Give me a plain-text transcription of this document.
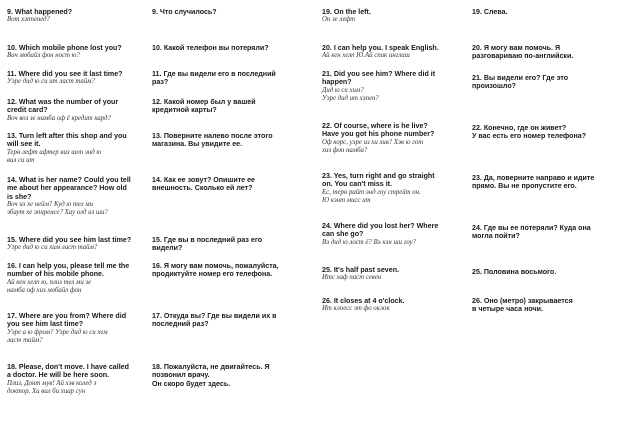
9. What happened?

Вот хэппенед?

10. Which mobile phone lost you?

Вич мобайл фон ност ю?

11. Where did you see it last time?

Уэре дид ю си ит ласт тайм?

12. What was the number of your
credit card?

Воч воз зе намба оф ё кредит кард?

13. Turn left after this shop and you
will see it.

Терн лефт афтер виз шоп энд ю
вил си ит

14. What is her name? Could you tell
me about her appearance? How old
is she?

Воч из хе нейм? Куд ю тел ми
эбаут хе эпиренсе? Хау олд из ши?

15. Where did you see him last time?

Уэре дид ю си хим ласт тайм?

16. I can help you, please tell me the
number of his mobile phone.

Ай кен хелп ю, плиз тел ми зе
намба оф хиз мобайл фон

17. Where are you from? Where did
you see him last time?

Уэре а ю фром? Уэре дид ю си хем
ласт тайм?

18. Please, don't move. I have called
a doctor. He will be here soon.

Плиз, Донт мув! Ай хэв колед э
доктор. Хи вил би хиар сун

9. Что случилось?

10. Какой телефон вы потеряли?

11. Где вы видели его в последний
раз?

12. Какой номер был у вашей
кредитной карты?

13. Поверните налево после этого
магазина. Вы увидите ее.

14. Как ее зовут? Опишите ее
внешность. Сколько ей лет?

15. Где вы в последний раз его
видели?

16. Я могу вам помочь, пожалуйста,
продиктуйте номер его телефона.

17. Откуда вы? Где вы видели их в
последний раз?

18. Пожалуйста, не двигайтесь. Я
позвонил врачу.
Он скоро будет здесь.

19. On the left.

Он зе лефт

20. I can help you. I speak English.

Ай кен хелп Ю.Ай спик инглиш

21. Did you see him? Where did it
happen?

Дид ю си хим?
Уэре дид ит хэпен?

22. Of course, where is he live?
Have you got his phone number?

Оф корс, уэре из хи лив? Хэв ю гот
хиз фон намба?

23. Yes, turn right and go straight
on. You can't miss it.

Ес, терн райт энд гоу стрейт он.
Ю кэнт мисс ит

24. Where did you lost her? Where
can she go?

Вэ дид ю лост ё? Вэ кэн ши гоу?

25. It's half past seven.

Итс хаф паст севен

26. It closes at 4 o'clock.

Ит клоесс эт фо оклок

19. Слева.

20. Я могу вам помочь. Я
разговариваю по-английски.

21. Вы видели его? Где это
произошло?

22. Конечно, где он живет?
У вас есть его номер телефона?

23. Да, поверните направо и идите
прямо. Вы не пропустите его.

24. Где вы ее потеряли? Куда она
могла пойти?

25. Половина восьмого.

26. Оно (метро) закрывается
в четыре часа ночи.
